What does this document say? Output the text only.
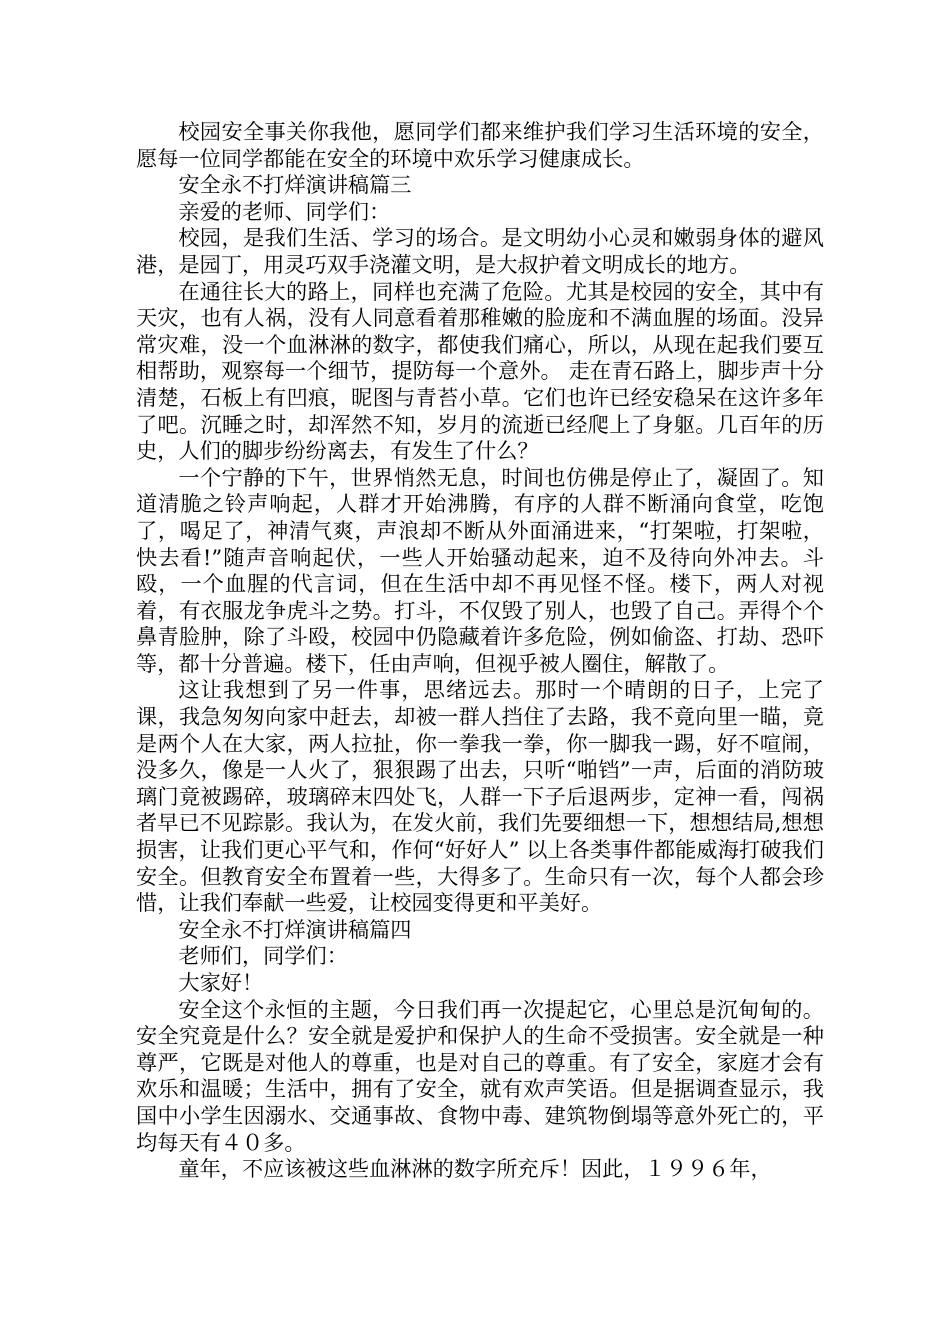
校园安全事关你我他，愿同学们都来维护我们学习生活环境的安全，愿每一位同学都能在安全的环境中欢乐学习健康成长。

安全永不打烊演讲稿篇三

亲爱的老师、同学们：

校园，是我们生活、学习的场合。是文明幼小心灵和嫩弱身体的避风港，是园丁，用灵巧双手浇灌文明，是大叔护着文明成长的地方。

在通往长大的路上，同样也充满了危险。尤其是校园的安全，其中有天灾，也有人祸，没有人同意看着那稚嫩的脸庞和不满血腥的场面。没异常灾难，没一个血淋淋的数字，都使我们痛心，所以，从现在起我们要互相帮助，观察每一个细节，提防每一个意外。 走在青石路上，脚步声十分清楚，石板上有凹痕，昵图与青苔小草。它们也许已经安稳呆在这许多年了吧。沉睡之时，却浑然不知，岁月的流逝已经爬上了身躯。几百年的历史，人们的脚步纷纷离去，有发生了什么？

一个宁静的下午，世界悄然无息，时间也仿佛是停止了，凝固了。知道清脆之铃声响起，人群才开始沸腾，有序的人群不断涌向食堂，吃饱了，喝足了，神清气爽，声浪却不断从外面涌进来，“打架啦，打架啦，快去看!”随声音响起伏，一些人开始骚动起来，迫不及待向外冲去。斗殴，一个血腥的代言词，但在生活中却不再见怪不怪。楼下，两人对视着，有衣服龙争虎斗之势。打斗，不仅毁了别人，也毁了自己。弄得个个鼻青脸肿，除了斗殴，校园中仍隐藏着许多危险，例如偷盗、打劫、恐吓等，都十分普遍。楼下，任由声响，但视乎被人圈住，解散了。

这让我想到了另一件事，思绪远去。那时一个晴朗的日子，上完了课，我急匆匆向家中赶去，却被一群人挡住了去路，我不竟向里一瞄，竟是两个人在大家，两人拉扯，你一拳我一拳，你一脚我一踢，好不喧闹，没多久，像是一人火了，狠狠踢了出去，只听“啪铛”一声，后面的消防玻璃门竟被踢碎，玻璃碎末四处飞，人群一下子后退两步，定神一看，闯祸者早已不见踪影。我认为，在发火前，我们先要细想一下，想想结局,想想损害，让我们更心平气和，作何“好好人” 以上各类事件都能威海打破我们安全。但教育安全布置着一些，大得多了。生命只有一次，每个人都会珍惜，让我们奉献一些爱，让校园变得更和平美好。

安全永不打烊演讲稿篇四

老师们，同学们：

大家好！

安全这个永恒的主题，今日我们再一次提起它，心里总是沉甸甸的。安全究竟是什么？安全就是爱护和保护人的生命不受损害。安全就是一种尊严，它既是对他人的尊重，也是对自己的尊重。有了安全，家庭才会有欢乐和温暖；生活中，拥有了安全，就有欢声笑语。但是据调查显示，我国中小学生因溺水、交通事故、食物中毒、建筑物倒塌等意外死亡的，平均每天有４０多。

童年，不应该被这些血淋淋的数字所充斥！因此，１９９６年，
